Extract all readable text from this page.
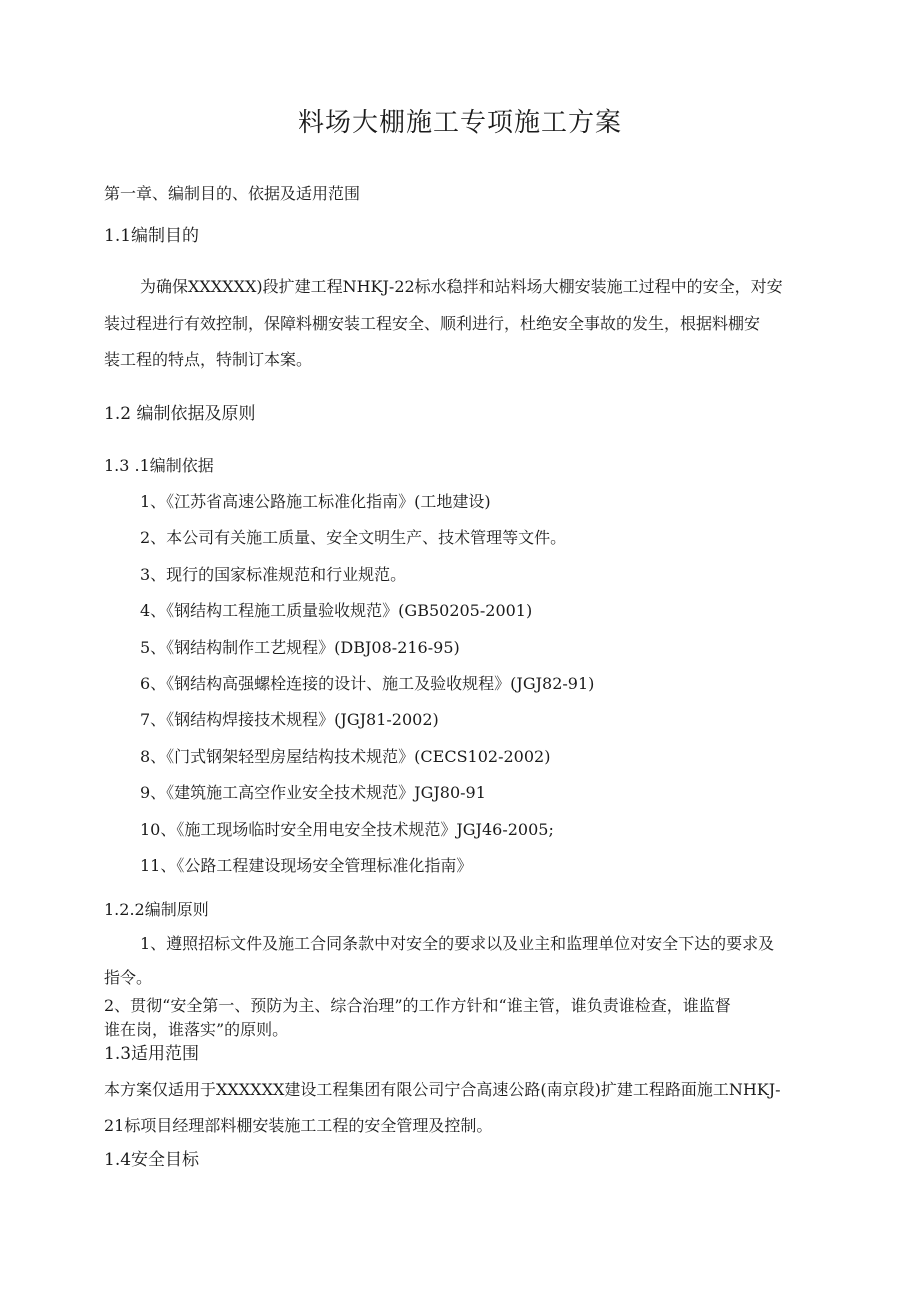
料场大棚施工专项施工方案
第一章、编制目的、依据及适用范围
1.1编制目的
为确保XXXXXX)段扩建工程NHKJ-22标水稳拌和站料场大棚安装施工过程中的安全，对安
装过程进行有效控制，保障料棚安装工程安全、顺利进行，杜绝安全事故的发生，根据料棚安
装工程的特点，特制订本案。
1.2 编制依据及原则
1.3 .1编制依据
1、《江苏省高速公路施工标准化指南》(工地建设)
2、本公司有关施工质量、安全文明生产、技术管理等文件。
3、现行的国家标准规范和行业规范。
4、《钢结构工程施工质量验收规范》(GB50205-2001)
5、《钢结构制作工艺规程》(DBJ08-216-95)
6、《钢结构高强螺栓连接的设计、施工及验收规程》(JGJ82-91)
7、《钢结构焊接技术规程》(JGJ81-2002)
8、《门式钢架轻型房屋结构技术规范》(CECS102-2002)
9、《建筑施工高空作业安全技术规范》JGJ80-91
10、《施工现场临时安全用电安全技术规范》JGJ46-2005;
11、《公路工程建设现场安全管理标准化指南》
1.2.2编制原则
1、遵照招标文件及施工合同条款中对安全的要求以及业主和监理单位对安全下达的要求及
指令。
2、贯彻“安全第一、预防为主、综合治理”的工作方针和“谁主管，谁负责谁检查，谁监督
谁在岗，谁落实”的原则。
1.3适用范围
本方案仅适用于XXXXXX建设工程集团有限公司宁合高速公路(南京段)扩建工程路面施工NHKJ-
21标项目经理部料棚安装施工工程的安全管理及控制。
1.4安全目标
